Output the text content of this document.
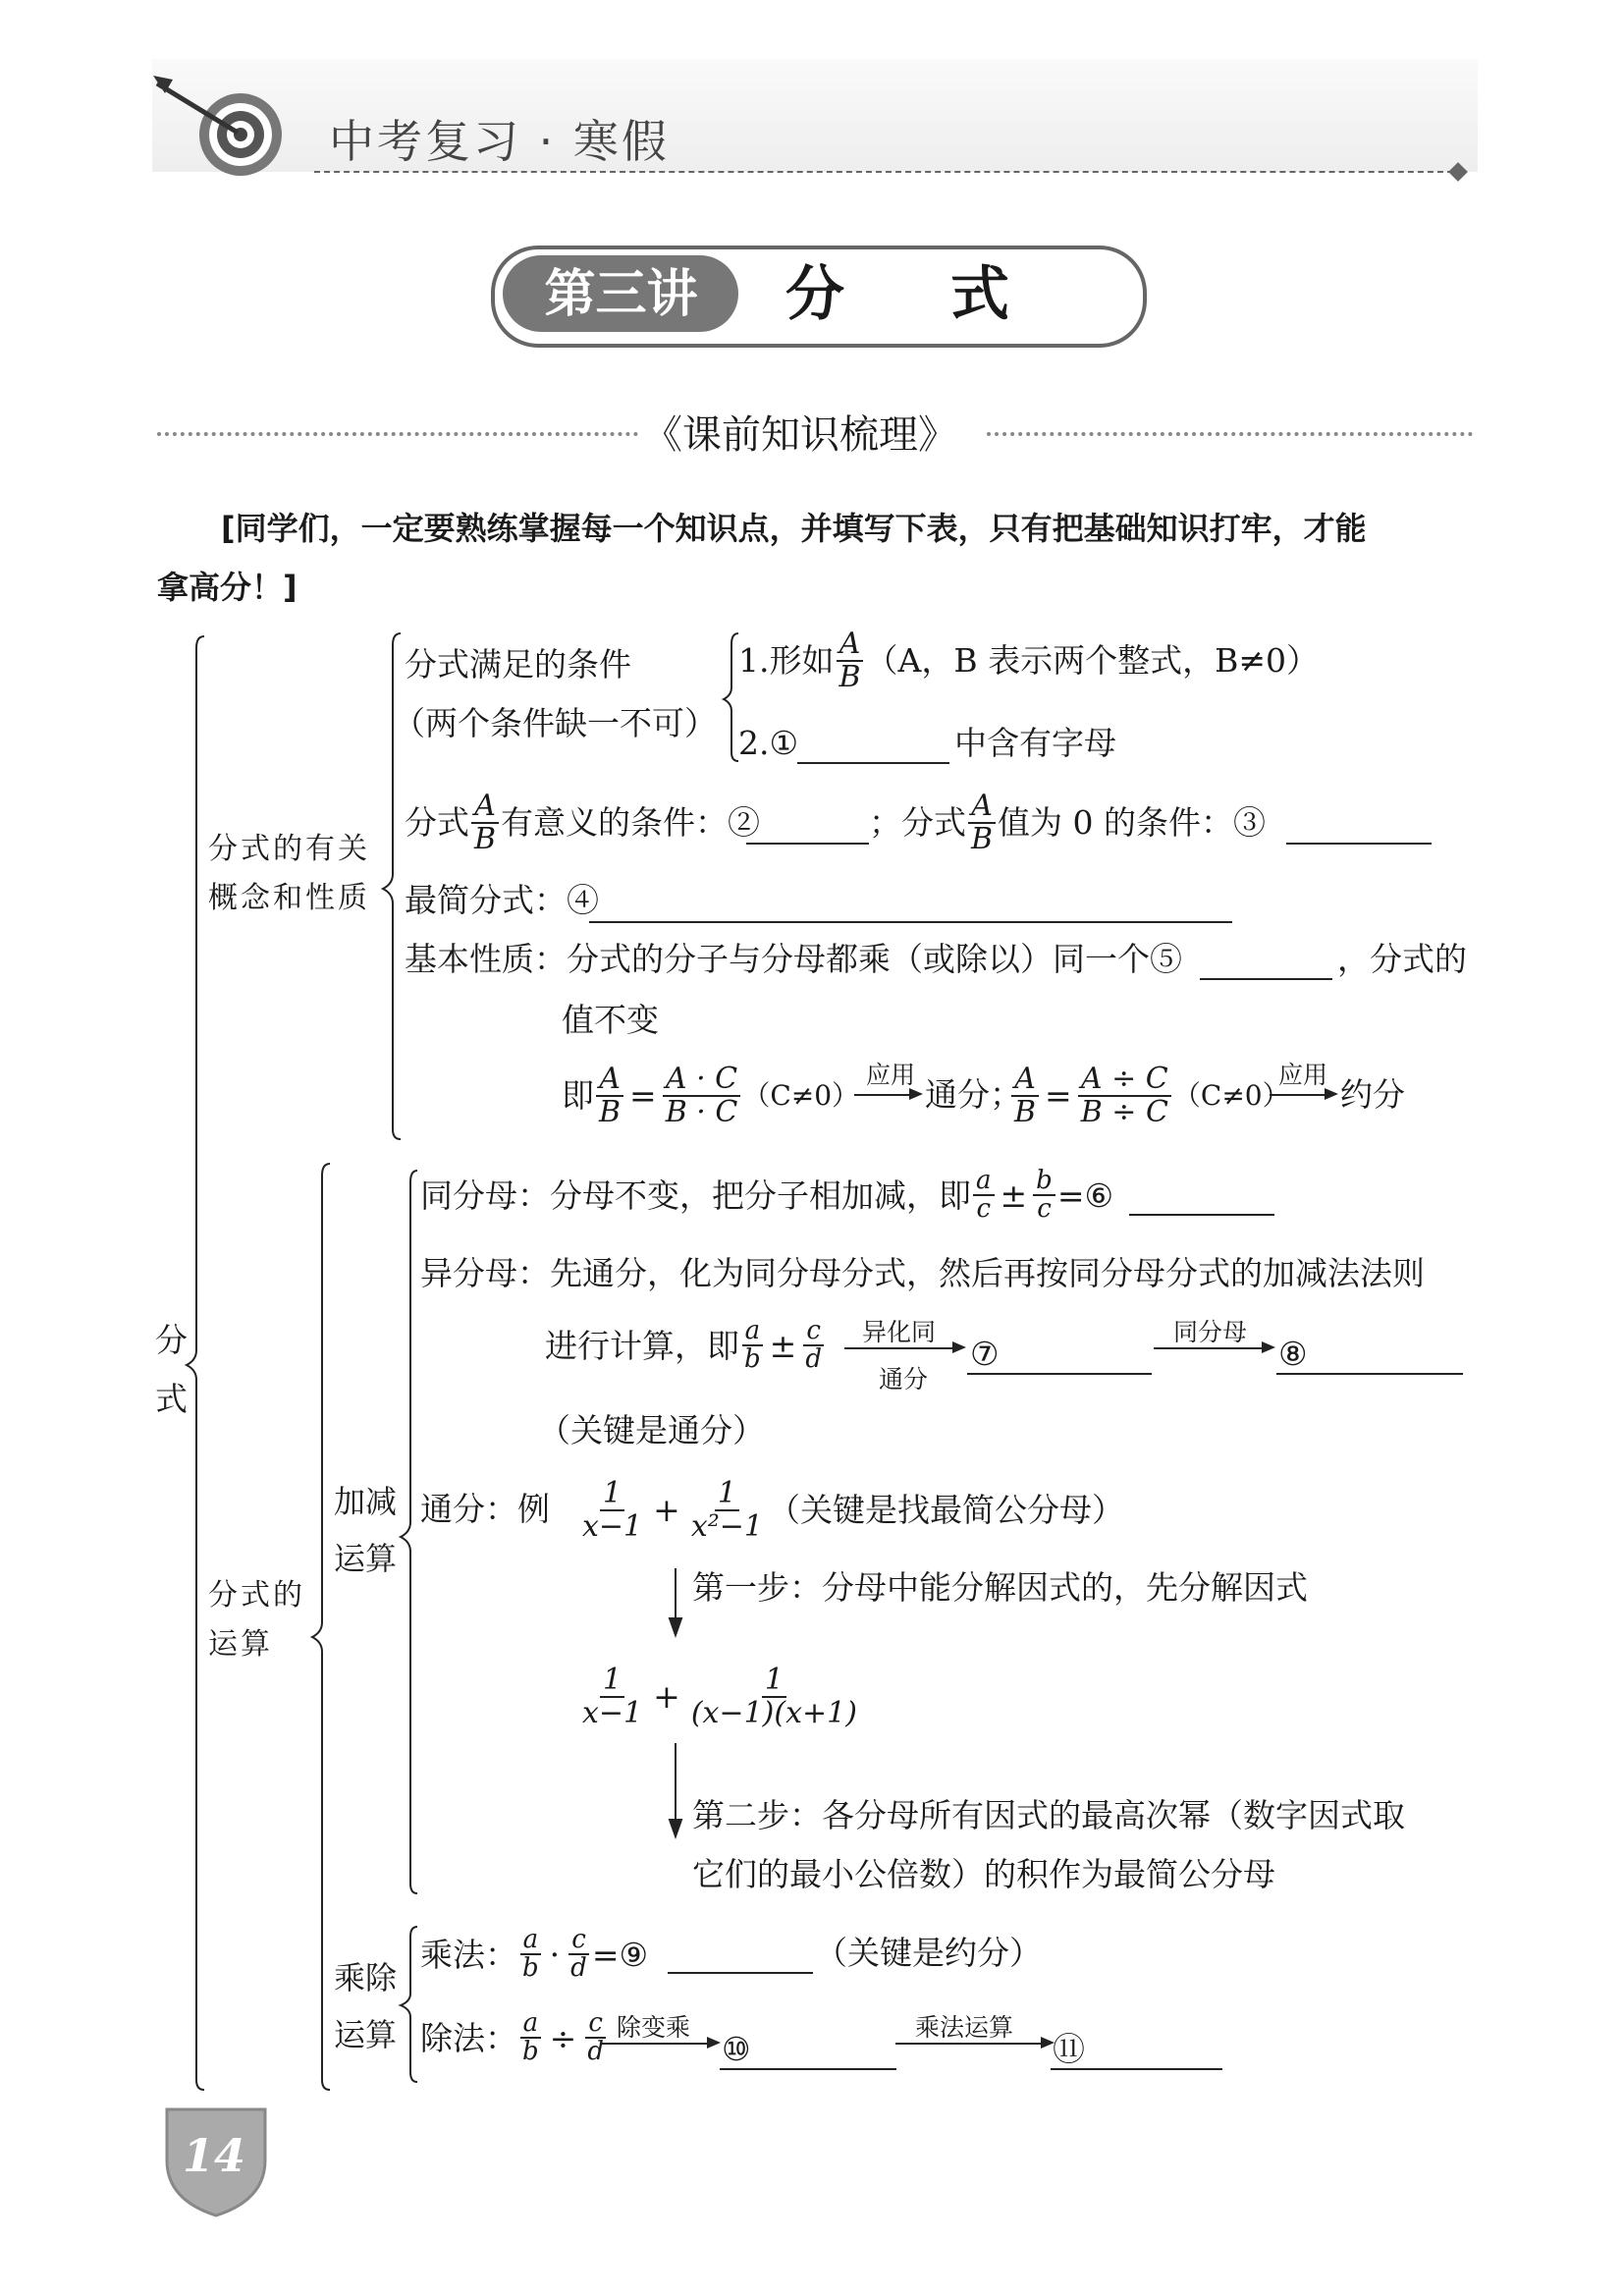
中考复习 · 寒假
第三讲	分　式
《课前知识梳理》
[同学们，一定要熟练掌握每一个知识点，并填写下表，只有把基础知识打牢，才能
拿高分！]
分式
分式的有关概念和性质
分式的运算
加减运算
乘除运算
分式满足的条件
（两个条件缺一不可）
1.形如 $\frac{A}{B} (A$，B 表示两个整式，B≠0）
2.①	中含有字母
分式 $\frac{A}{B}$ 有意义的条件：②	；分式 $\frac{A}{B}$ 值为 0 的条件：③
最简分式：④
基本性质：分式的分子与分母都乘（或除以）同一个⑤	，分式的
值不变
即 $\frac{A}{B} = \frac{A \cdot C}{B \cdot C} (C\ne 0)$
应用
通分；
$\frac{A}{B} = \frac{A \div C}{B \div C} (C\ne 0)$
应用
约分
同分母：分母不变，把分子相加减，即 $\frac{a}{c} \pm \frac{b}{c}$ =⑥
异分母：先通分，化为同分母分式，然后再按同分母分式的加减法法则
进行计算，即 $\frac{a}{b} \pm \frac{c}{d}$ 异化同
通分
⑦
同分母
⑧
（关键是通分）
通分：例 $\frac{1}{x-1} + \frac{1}{\text{x²−1}}$ （关键是找最简公分母）
第一步：分母中能分解因式的，先分解因式
$\frac{1}{x-1} + \frac{1}{(x-1)(x+1)}$
第二步：各分母所有因式的最高次幂（数字因式取
它们的最小公倍数）的积作为最简公分母
乘法： $\frac{a}{b} \cdot \frac{c}{d}$ =⑨	（关键是约分）
除法： $\frac{a}{b} \div \frac{c}{d}$ 除变乘
⑩
乘法运算
⑪
14
